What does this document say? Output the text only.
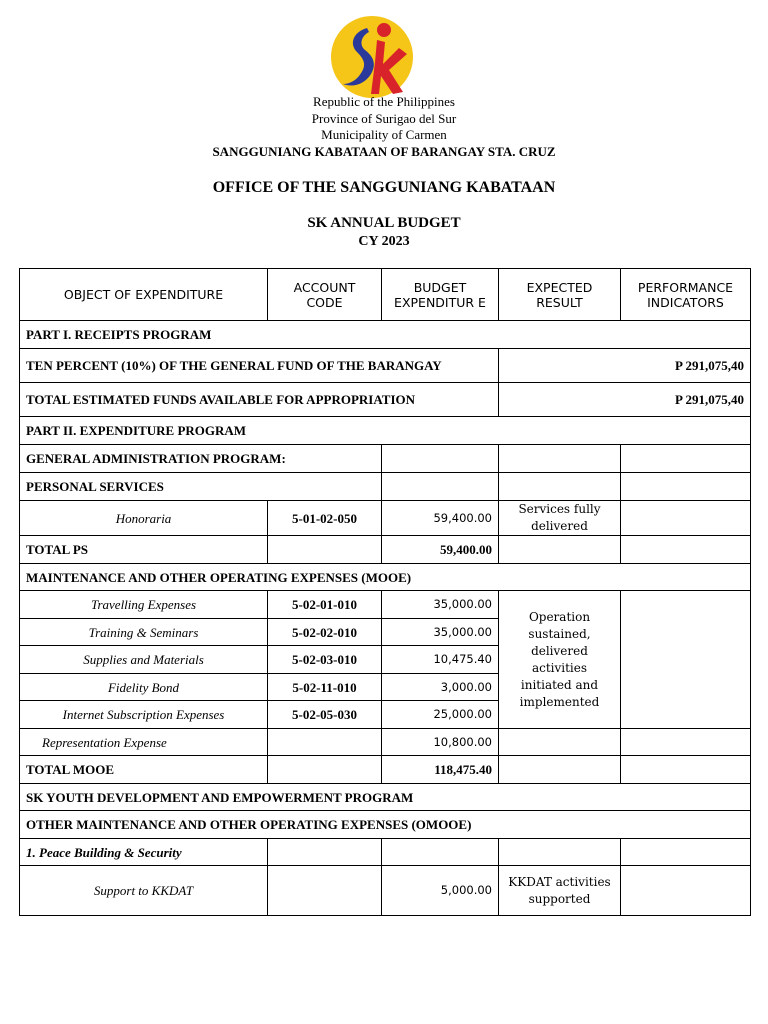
Republic of the Philippines
Province of Surigao del Sur
Municipality of Carmen
SANGGUNIANG KABATAAN OF BARANGAY STA. CRUZ
OFFICE OF THE SANGGUNIANG KABATAAN
SK ANNUAL BUDGET
CY 2023
OBJECT OF EXPENDITURE	ACCOUNT CODE	BUDGET EXPENDITUR E	EXPECTED RESULT	PERFORMANCE INDICATORS
PART I. RECEIPTS PROGRAM				
TEN PERCENT (10%) OF THE GENERAL FUND OF THE BARANGAY			P 291,075,40	
TOTAL ESTIMATED FUNDS AVAILABLE FOR APPROPRIATION			P 291,075,40	
PART II. EXPENDITURE PROGRAM				
GENERAL ADMINISTRATION PROGRAM:				
PERSONAL SERVICES				
Honoraria	5-01-02-050	59,400.00	Services fully delivered	
TOTAL PS		59,400.00		
MAINTENANCE AND OTHER OPERATING EXPENSES (MOOE)				
Travelling Expenses	5-02-01-010	35,000.00	Operation sustained, delivered activities initiated and implemented	
Training & Seminars	5-02-02-010	35,000.00		
Supplies and Materials	5-02-03-010	10,475.40		
Fidelity Bond	5-02-11-010	3,000.00		
Internet Subscription Expenses	5-02-05-030	25,000.00		
Representation Expense		10,800.00		
TOTAL MOOE		118,475.40		
SK YOUTH DEVELOPMENT AND EMPOWERMENT PROGRAM				
OTHER MAINTENANCE AND OTHER OPERATING EXPENSES (OMOOE)				
1. Peace Building & Security				
Support to KKDAT		5,000.00	KKDAT activities supported	
